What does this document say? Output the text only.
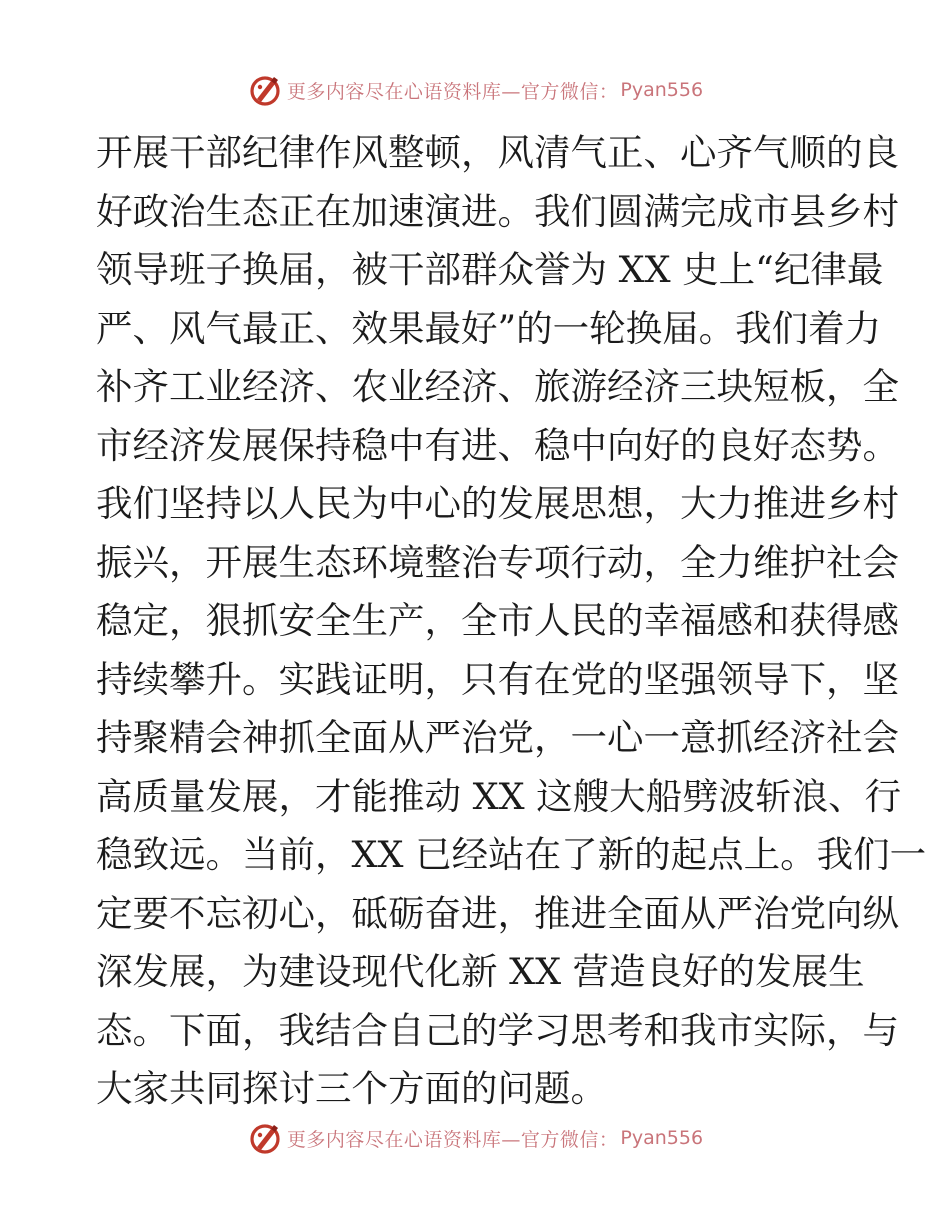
更多内容尽在心语资料库—官方微信： Pyan556
开展干部纪律作风整顿，风清气正、心齐气顺的良
好政治生态正在加速演进。我们圆满完成市县乡村
领导班子换届，被干部群众誉为 XX 史上“纪律最
严、风气最正、效果最好”的一轮换届。我们着力
补齐工业经济、农业经济、旅游经济三块短板，全
市经济发展保持稳中有进、稳中向好的良好态势。
我们坚持以人民为中心的发展思想，大力推进乡村
振兴，开展生态环境整治专项行动，全力维护社会
稳定，狠抓安全生产，全市人民的幸福感和获得感
持续攀升。实践证明，只有在党的坚强领导下，坚
持聚精会神抓全面从严治党，一心一意抓经济社会
高质量发展，才能推动 XX 这艘大船劈波斩浪、行
稳致远。当前，XX 已经站在了新的起点上。我们一
定要不忘初心，砥砺奋进，推进全面从严治党向纵
深发展，为建设现代化新 XX 营造良好的发展生
态。下面，我结合自己的学习思考和我市实际，与
大家共同探讨三个方面的问题。
更多内容尽在心语资料库—官方微信： Pyan556
